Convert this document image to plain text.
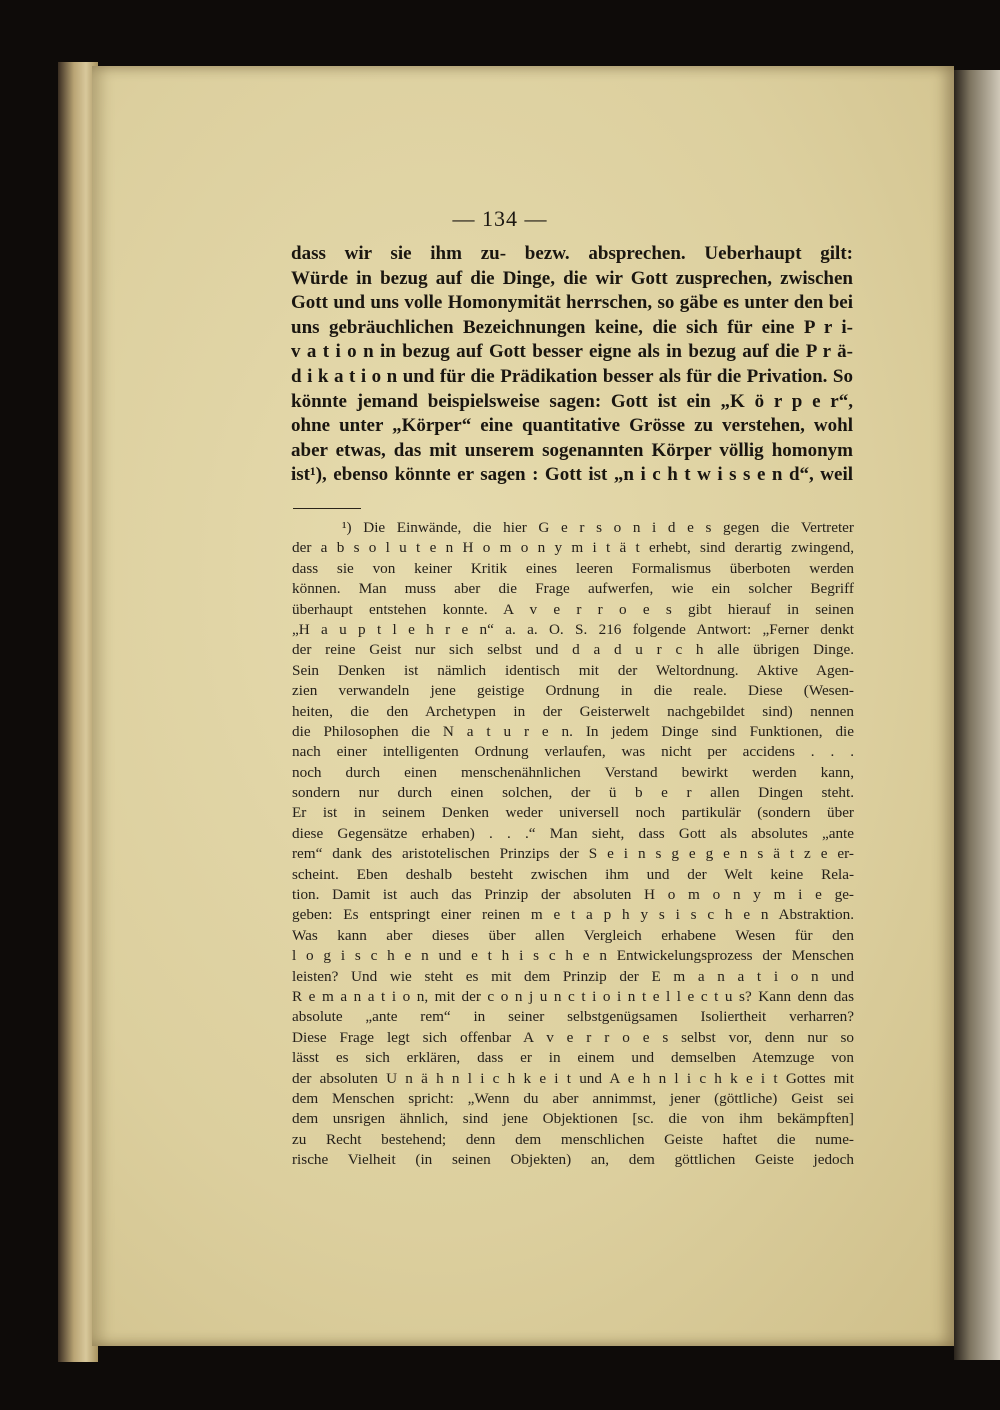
— 134 —
dass wir sie ihm zu- bezw. absprechen. Ueberhaupt gilt:
Würde in bezug auf die Dinge, die wir Gott zusprechen, zwischen
Gott und uns volle Homonymität herrschen, so gäbe es unter den bei
uns gebräuchlichen Bezeichnungen keine, die sich für eine P r i-
v a t i o n in bezug auf Gott besser eigne als in bezug auf die P r ä-
d i k a t i o n und für die Prädikation besser als für die Privation. So
könnte jemand beispielsweise sagen: Gott ist ein „K ö r p e r“,
ohne unter „Körper“ eine quantitative Grösse zu verstehen, wohl
aber etwas, das mit unserem sogenannten Körper völlig homonym
ist¹), ebenso könnte er sagen : Gott ist „n i c h t w i s s e n d“, weil
¹) Die Einwände, die hier G e r s o n i d e s gegen die Vertreter
der a b s o l u t e n H o m o n y m i t ä t erhebt, sind derartig zwingend,
dass sie von keiner Kritik eines leeren Formalismus überboten werden
können. Man muss aber die Frage aufwerfen, wie ein solcher Begriff
überhaupt entstehen konnte. A v e r r o e s gibt hierauf in seinen
„H a u p t l e h r e n“ a. a. O. S. 216 folgende Antwort: „Ferner denkt
der reine Geist nur sich selbst und d a d u r c h alle übrigen Dinge.
Sein Denken ist nämlich identisch mit der Weltordnung. Aktive Agen-
zien verwandeln jene geistige Ordnung in die reale. Diese (Wesen-
heiten, die den Archetypen in der Geisterwelt nachgebildet sind) nennen
die Philosophen die N a t u r e n. In jedem Dinge sind Funktionen, die
nach einer intelligenten Ordnung verlaufen, was nicht per accidens . . .
noch durch einen menschenähnlichen Verstand bewirkt werden kann,
sondern nur durch einen solchen, der ü b e r allen Dingen steht.
Er ist in seinem Denken weder universell noch partikulär (sondern über
diese Gegensätze erhaben) . . .“ Man sieht, dass Gott als absolutes „ante
rem“ dank des aristotelischen Prinzips der S e i n s g e g e n s ä t z e er-
scheint. Eben deshalb besteht zwischen ihm und der Welt keine Rela-
tion. Damit ist auch das Prinzip der absoluten H o m o n y m i e ge-
geben: Es entspringt einer reinen m e t a p h y s i s c h e n Abstraktion.
Was kann aber dieses über allen Vergleich erhabene Wesen für den
l o g i s c h e n und e t h i s c h e n Entwickelungsprozess der Menschen
leisten? Und wie steht es mit dem Prinzip der E m a n a t i o n und
R e m a n a t i o n, mit der c o n j u n c t i o i n t e l l e c t u s? Kann denn das
absolute „ante rem“ in seiner selbstgenügsamen Isoliertheit verharren?
Diese Frage legt sich offenbar A v e r r o e s selbst vor, denn nur so
lässt es sich erklären, dass er in einem und demselben Atemzuge von
der absoluten U n ä h n l i c h k e i t und A e h n l i c h k e i t Gottes mit
dem Menschen spricht: „Wenn du aber annimmst, jener (göttliche) Geist sei
dem unsrigen ähnlich, sind jene Objektionen [sc. die von ihm bekämpften]
zu Recht bestehend; denn dem menschlichen Geiste haftet die nume-
rische Vielheit (in seinen Objekten) an, dem göttlichen Geiste jedoch
